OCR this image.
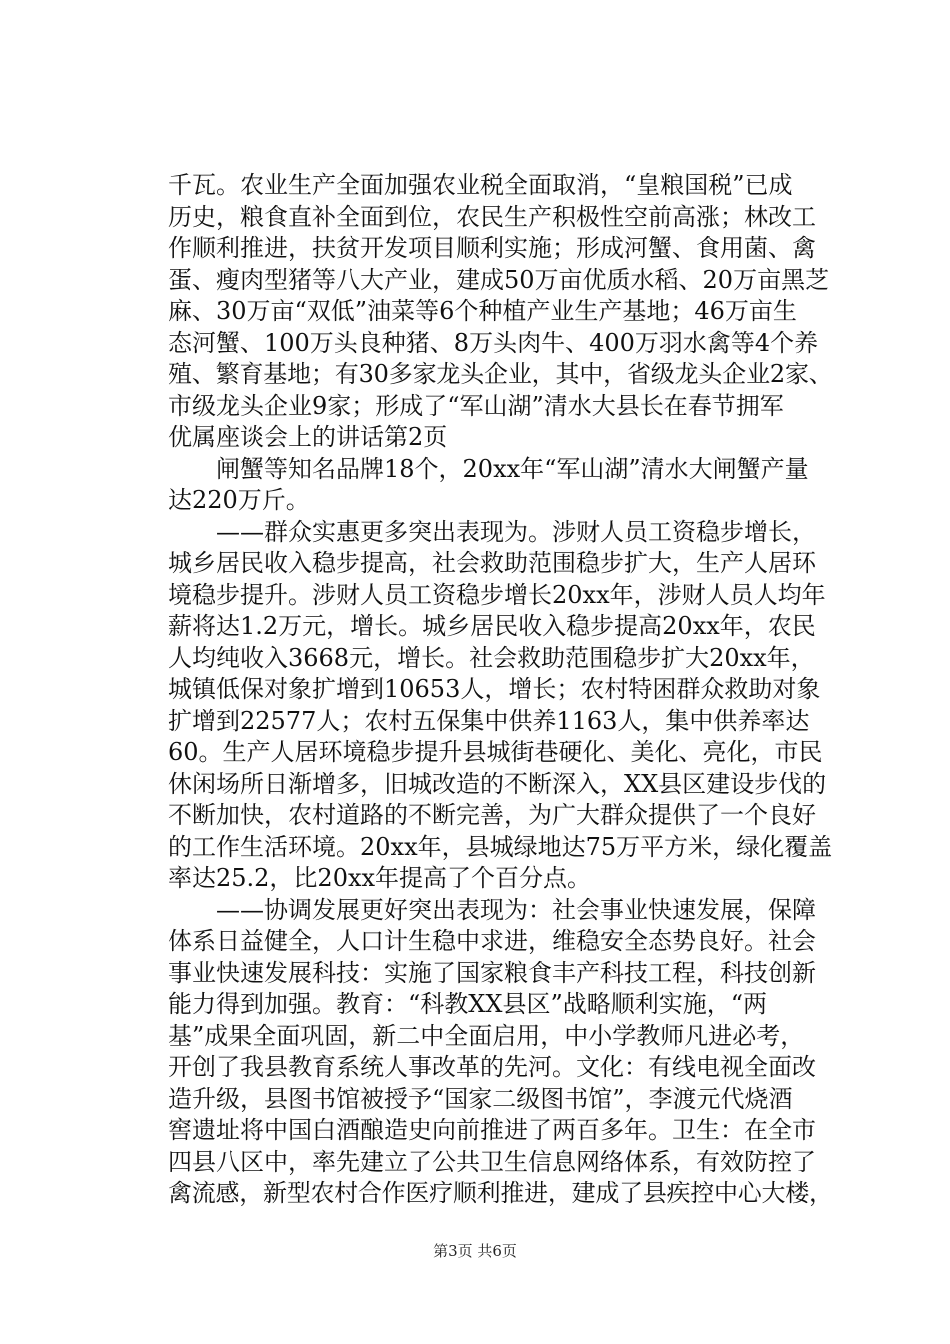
千瓦。农业生产全面加强农业税全面取消，“皇粮国税”已成
历史，粮食直补全面到位，农民生产积极性空前高涨；林改工
作顺利推进，扶贫开发项目顺利实施；形成河蟹、食用菌、禽
蛋、瘦肉型猪等八大产业，建成50万亩优质水稻、20万亩黑芝
麻、30万亩“双低”油菜等6个种植产业生产基地；46万亩生
态河蟹、100万头良种猪、8万头肉牛、400万羽水禽等4个养
殖、繁育基地；有30多家龙头企业，其中，省级龙头企业2家、
市级龙头企业9家；形成了“军山湖”清水大县长在春节拥军
优属座谈会上的讲话第2页
　　闸蟹等知名品牌18个，20xx年“军山湖”清水大闸蟹产量
达220万斤。
　　——群众实惠更多突出表现为。涉财人员工资稳步增长，
城乡居民收入稳步提高，社会救助范围稳步扩大，生产人居环
境稳步提升。涉财人员工资稳步增长20xx年，涉财人员人均年
薪将达1.2万元，增长。城乡居民收入稳步提高20xx年，农民
人均纯收入3668元，增长。社会救助范围稳步扩大20xx年，
城镇低保对象扩增到10653人，增长；农村特困群众救助对象
扩增到22577人；农村五保集中供养1163人，集中供养率达
60。生产人居环境稳步提升县城街巷硬化、美化、亮化，市民
休闲场所日渐增多，旧城改造的不断深入，XX县区建设步伐的
不断加快，农村道路的不断完善，为广大群众提供了一个良好
的工作生活环境。20xx年，县城绿地达75万平方米，绿化覆盖
率达25.2，比20xx年提高了个百分点。
　　——协调发展更好突出表现为：社会事业快速发展，保障
体系日益健全，人口计生稳中求进，维稳安全态势良好。社会
事业快速发展科技：实施了国家粮食丰产科技工程，科技创新
能力得到加强。教育：“科教XX县区”战略顺利实施，“两
基”成果全面巩固，新二中全面启用，中小学教师凡进必考，
开创了我县教育系统人事改革的先河。文化：有线电视全面改
造升级，县图书馆被授予“国家二级图书馆”，李渡元代烧酒
窖遗址将中国白酒酿造史向前推进了两百多年。卫生：在全市
四县八区中，率先建立了公共卫生信息网络体系，有效防控了
禽流感，新型农村合作医疗顺利推进，建成了县疾控中心大楼，
第3页 共6页
